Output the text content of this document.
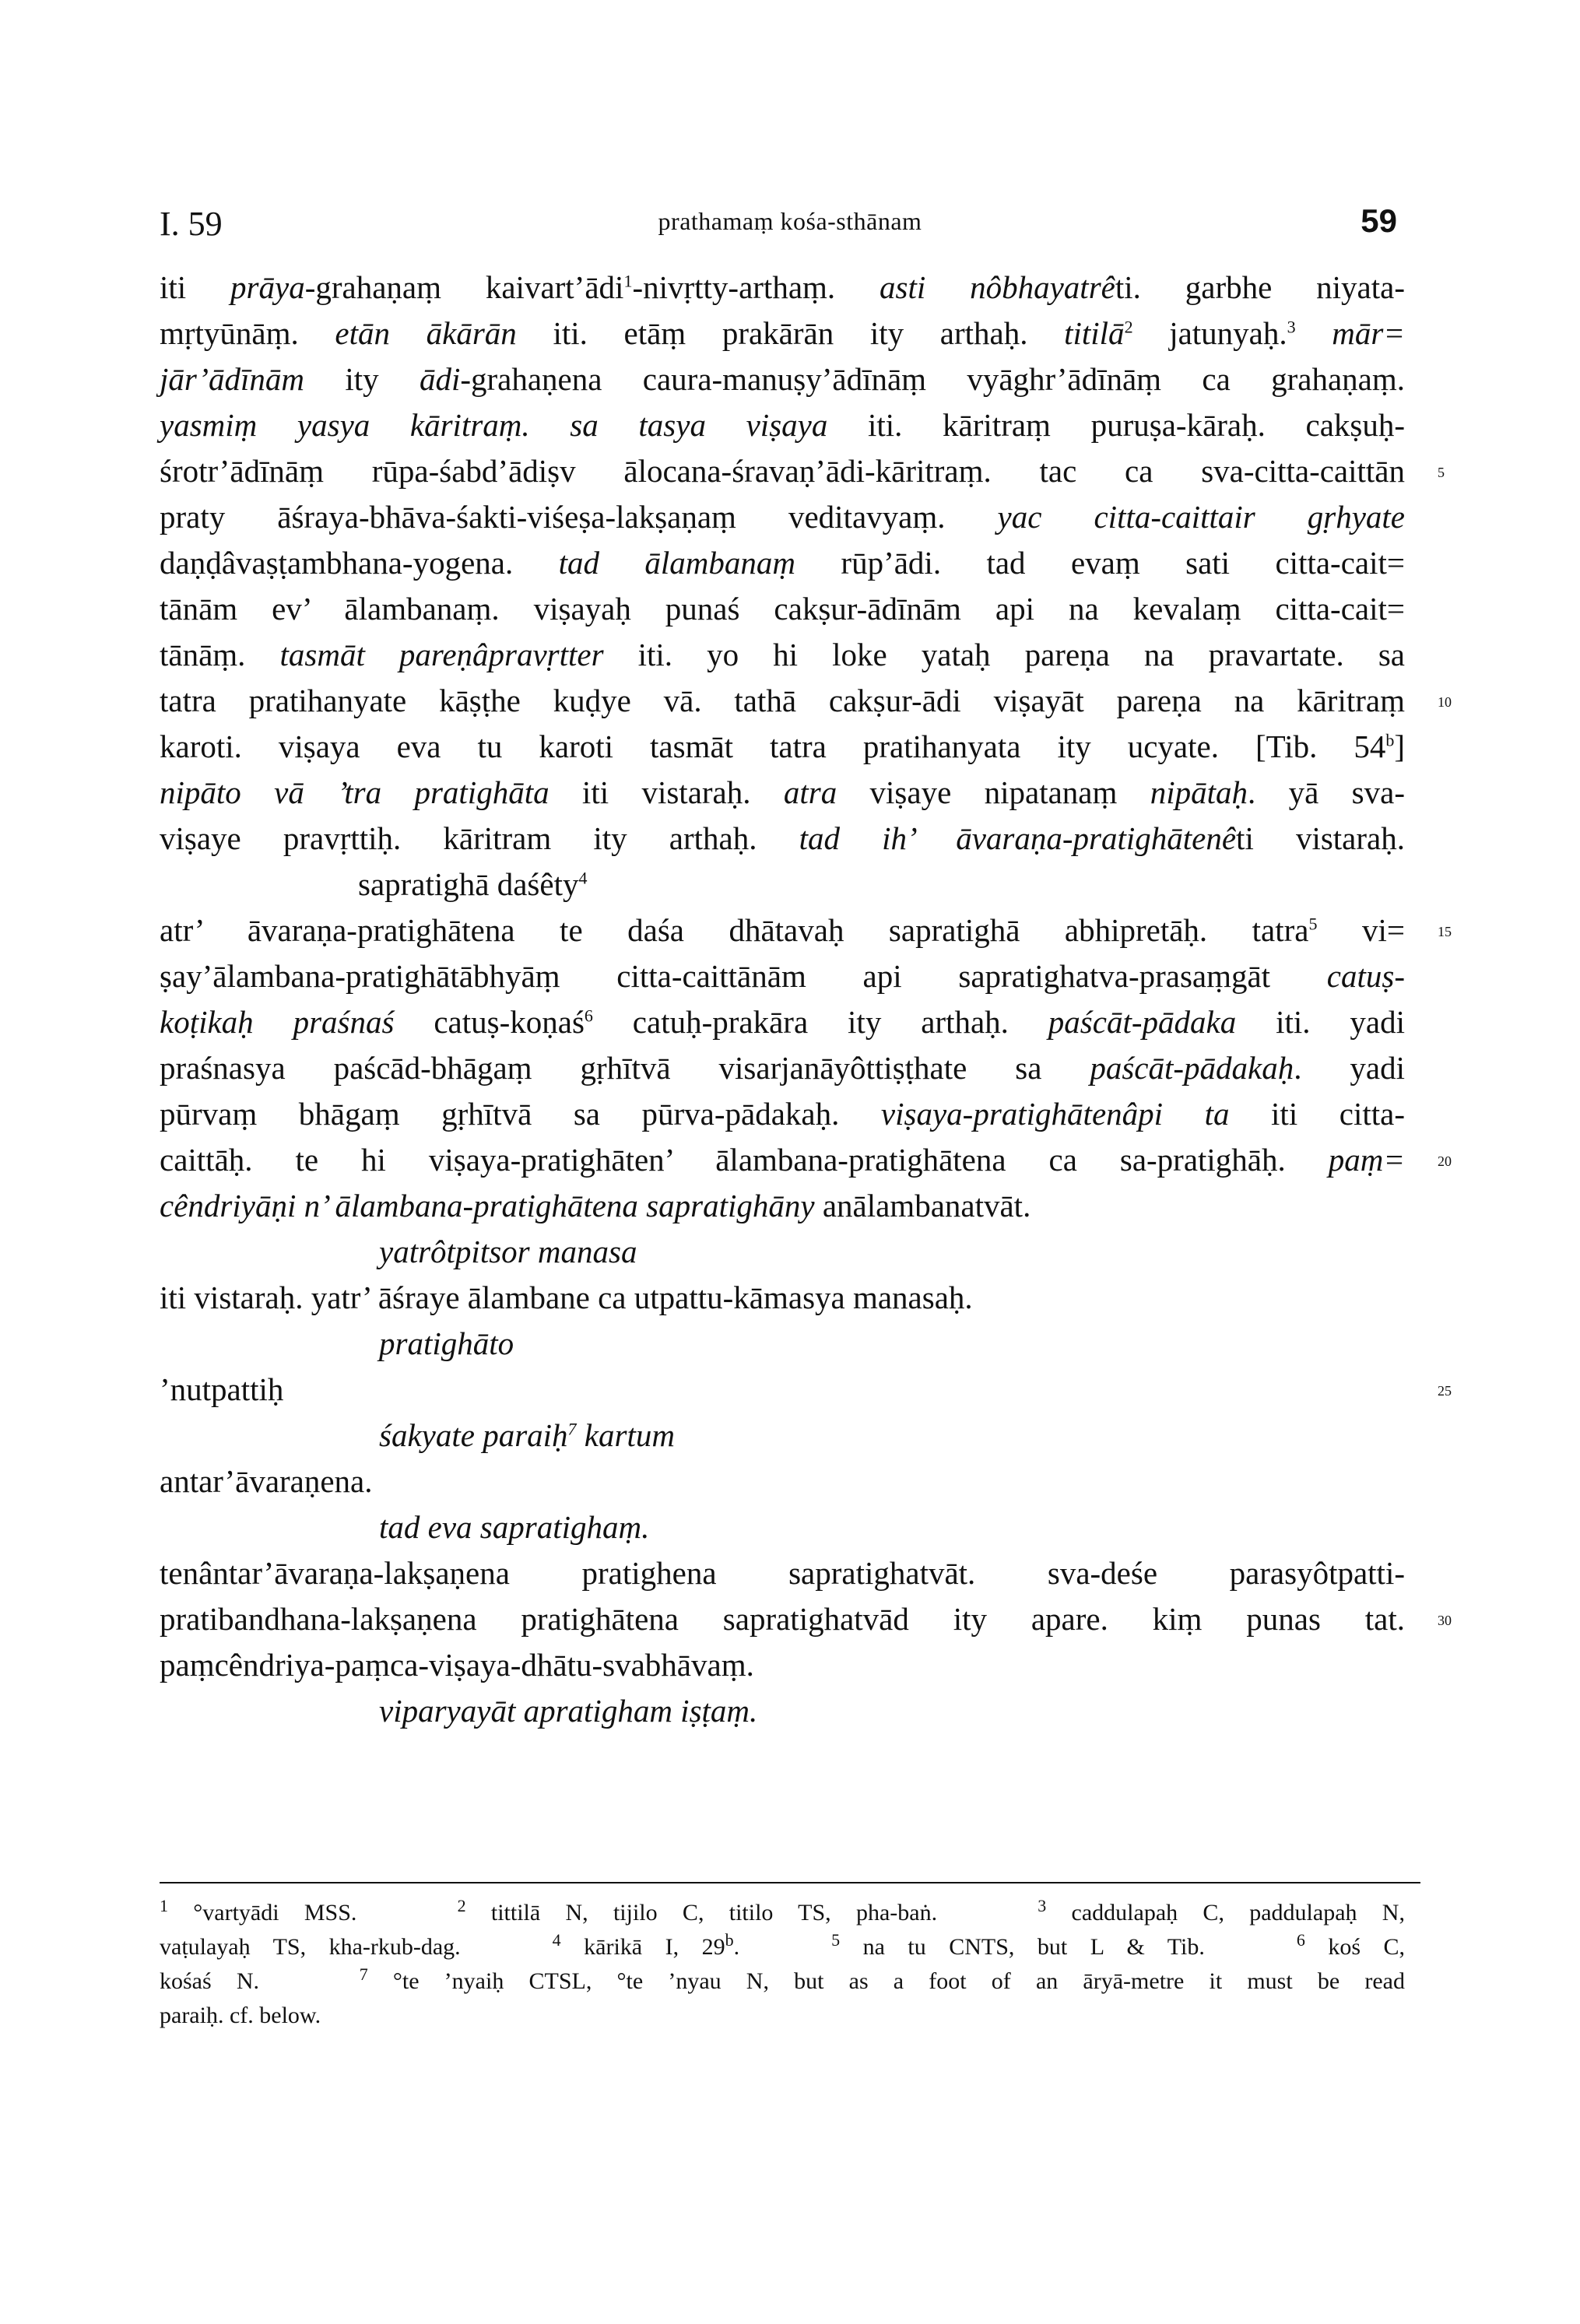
I. 59	prathamaṃ kośa-sthānam	59
iti prāya-grahaṇaṃ kaivart’ādi$^1$-nivṛtty-arthaṃ. asti nôbhayatrêti. garbhe niyata-
mṛtyūnāṃ. etān ākārān iti. etāṃ prakārān ity arthaḥ. titilā$^2$ jatunyaḥ.$^3$ mār=
jār’ādīnām ity ādi-grahaṇena caura-manuṣy’ādīnāṃ vyāghr’ādīnāṃ ca grahaṇaṃ.
yasmiṃ yasya kāritraṃ. sa tasya viṣaya iti. kāritraṃ puruṣa-kāraḥ. cakṣuḥ-
śrotr’ādīnāṃ rūpa-śabd’ādiṣv ālocana-śravaṇ’ādi-kāritraṃ. tac ca sva-citta-caittān 5
praty āśraya-bhāva-śakti-viśeṣa-lakṣaṇaṃ veditavyaṃ. yac citta-caittair gṛhyate
daṇḍâvaṣṭambhana-yogena. tad ālambanaṃ rūp’ādi. tad evaṃ sati citta-cait=
tānām ev’ ālambanaṃ. viṣayaḥ punaś cakṣur-ādīnām api na kevalaṃ citta-cait=
tānāṃ. tasmāt pareṇâpravṛtter iti. yo hi loke yataḥ pareṇa na pravartate. sa
tatra pratihanyate kāṣṭhe kuḍye vā. tathā cakṣur-ādi viṣayāt pareṇa na kāritraṃ 10
karoti. viṣaya eva tu karoti tasmāt tatra pratihanyata ity ucyate. [Tib. 54$^b$]
nipāto vā ’tra pratighāta iti vistaraḥ. atra viṣaye nipatanaṃ nipātaḥ. yā sva-
viṣaye pravṛttiḥ. kāritram ity arthaḥ. tad ih’ āvaraṇa-pratighātenêti vistaraḥ.
sapratighā daśêty$^4$
atr’ āvaraṇa-pratighātena te daśa dhātavaḥ sapratighā abhipretāḥ. tatra$^5$ vi= 15
ṣay’ālambana-pratighātābhyāṃ citta-caittānām api sapratighatva-prasaṃgāt catuṣ-
koṭikaḥ praśnaś catuṣ-koṇaś$^6$ catuḥ-prakāra ity arthaḥ. paścāt-pādaka iti. yadi
praśnasya paścād-bhāgaṃ gṛhītvā visarjanāyôttiṣṭhate sa paścāt-pādakaḥ. yadi
pūrvaṃ bhāgaṃ gṛhītvā sa pūrva-pādakaḥ. viṣaya-pratighātenâpi ta iti citta-
caittāḥ. te hi viṣaya-pratighāten’ ālambana-pratighātena ca sa-pratighāḥ. paṃ= 20
cêndriyāṇi n’ ālambana-pratighātena sapratighāny anālambanatvāt.
yatrôtpitsor manasa
iti vistaraḥ. yatr’ āśraye ālambane ca utpattu-kāmasya manasaḥ.
pratighāto
’nutpattiḥ	25
śakyate paraiḥ$^7$ kartum
antar’āvaraṇena.
tad eva sapratighaṃ.
tenântar’āvaraṇa-lakṣaṇena pratighena sapratighatvāt. sva-deśe parasyôtpatti-
pratibandhana-lakṣaṇena pratighātena sapratighatvād ity apare. kiṃ punas tat. 30
paṃcêndriya-paṃca-viṣaya-dhātu-svabhāvaṃ.
viparyayāt apratigham iṣṭaṃ.
$^1$ °vartyādi MSS.    $^2$ tittilā N, tijilo C, titilo TS, pha-baṅ.    $^3$ caddulapaḥ C, paddulapaḥ N,
vaṭulayaḥ TS, kha-rkub-dag.    $^4$ kārikā I, 29$^b$.    $^5$ na tu CNTS, but L & Tib.    $^6$ koś C,
kośaś N.    $^7$ °te ’nyaiḥ CTSL, °te ’nyau N, but as a foot of an āryā-metre it must be read
paraiḥ. cf. below.
